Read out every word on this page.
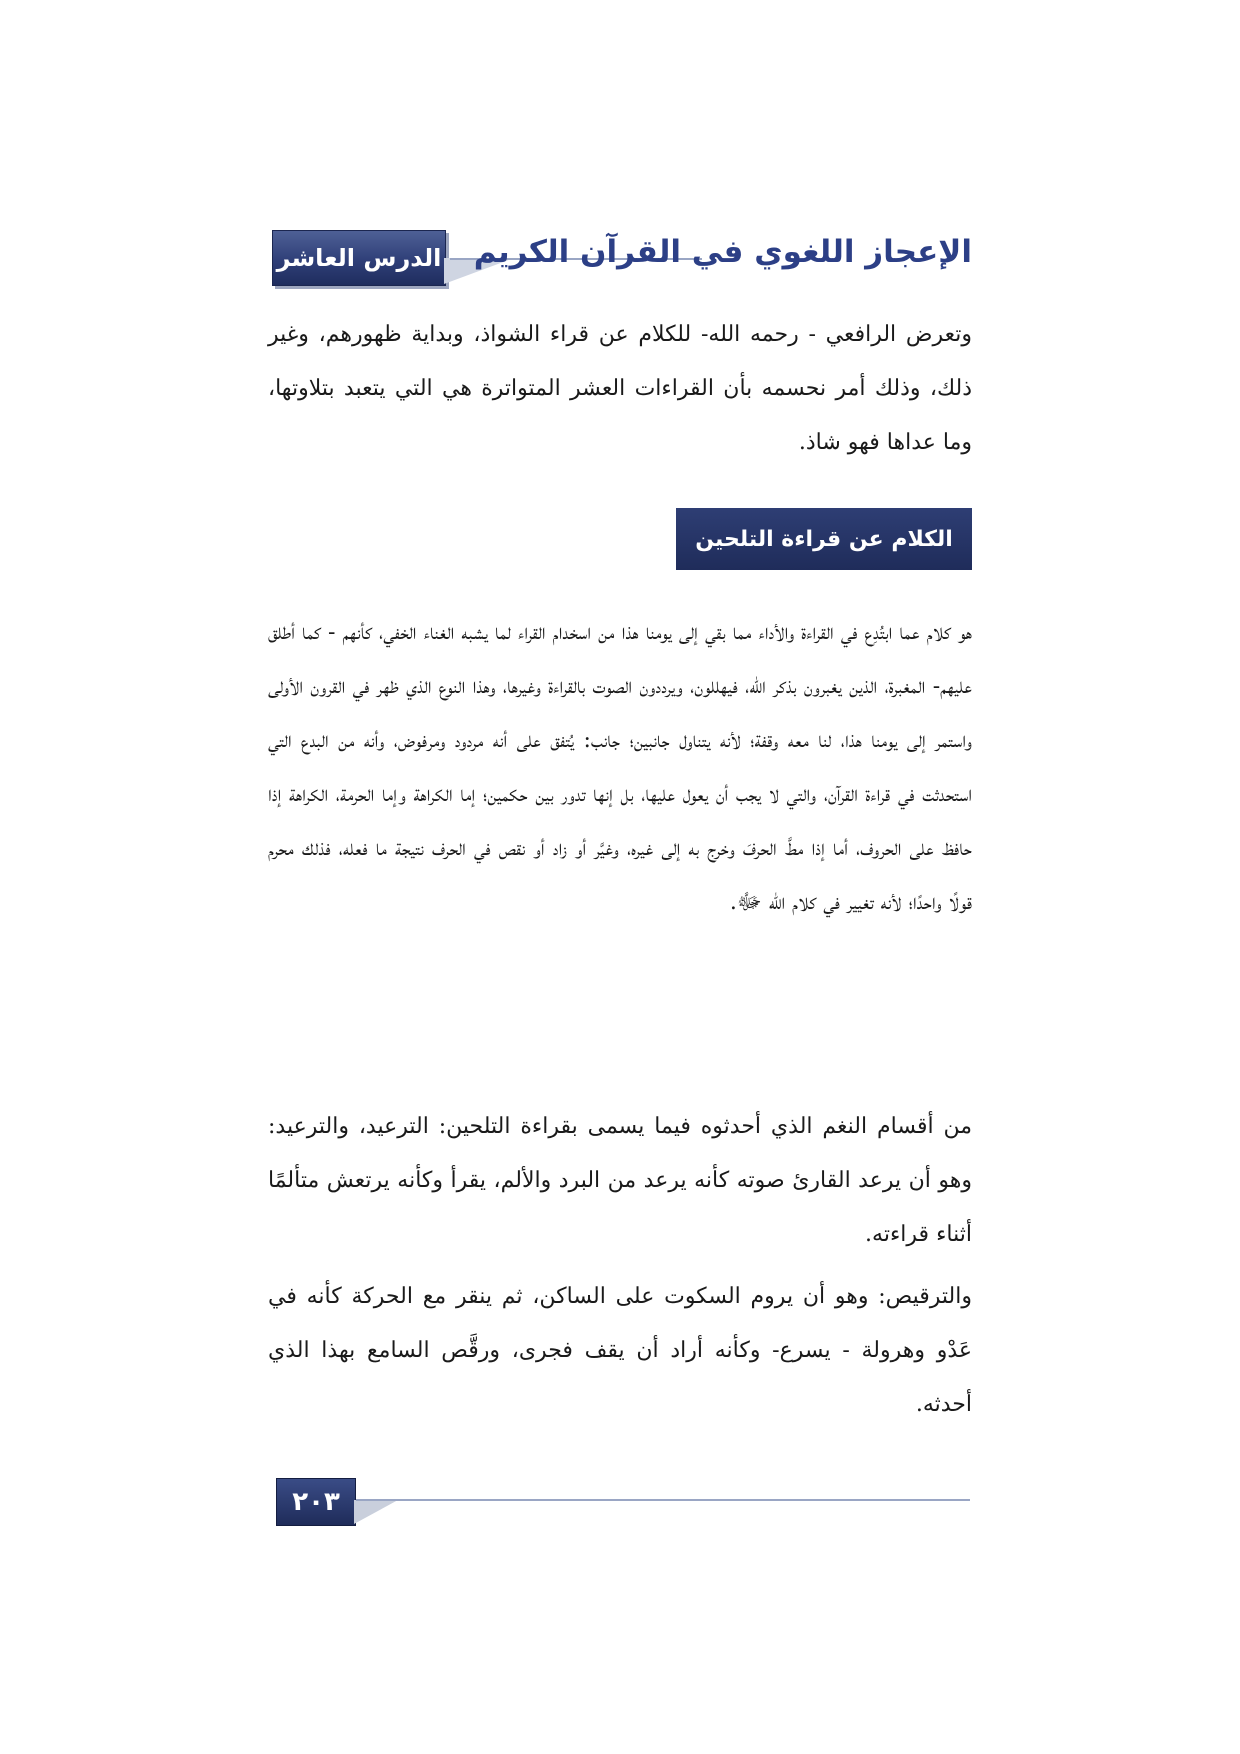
الدرس العاشر الإعجاز اللغوي في القرآن الكريم

وتعرض الرافعي - رحمه الله- للكلام عن قراء الشواذ، وبداية ظهورهم، وغير ذلك، وذلك أمر نحسمه بأن القراءات العشر المتواترة هي التي يتعبد بتلاوتها، وما عداها فهو شاذ.

الكلام عن قراءة التلحين

هو كلام عما ابتُدِع في القراءة والأداء مما بقي إلى يومنا هذا من اسخدام القراء لما يشبه الغناء الخفي، كأنهم - كما أطلق عليهم- المغبرة، الذين يغبرون بذكر الله، فيهللون، ويرددون الصوت بالقراءة وغيرها، وهذا النوع الذي ظهر في القرون الأولى واستمر إلى يومنا هذا، لنا معه وقفة؛ لأنه يتناول جانبين؛ جانب: يُتفق على أنه مردود ومرفوض، وأنه من البدع التي استحدثت في قراءة القرآن، والتي لا يجب أن يعول عليها، بل إنها تدور بين حكمين؛ إما الكراهة وإما الحرمة، الكراهة إذا حافظ على الحروف، أما إذا مطَّ الحرفَ وخرج به إلى غيره، وغيَّر أو زاد أو نقص في الحرف نتيجة ما فعله، فذلك محرم قولًا واحدًا؛ لأنه تغيير في كلام الله ﷻ.

من أقسام النغم الذي أحدثوه فيما يسمى بقراءة التلحين: الترعيد، والترعيد: وهو أن يرعد القارئ صوته كأنه يرعد من البرد والألم، يقرأ وكأنه يرتعش متألمًا أثناء قراءته.

والترقيص: وهو أن يروم السكوت على الساكن، ثم ينقر مع الحركة كأنه في عَدْو وهرولة - يسرع- وكأنه أراد أن يقف فجرى، ورقَّص السامع بهذا الذي أحدثه.

٢٠٣
